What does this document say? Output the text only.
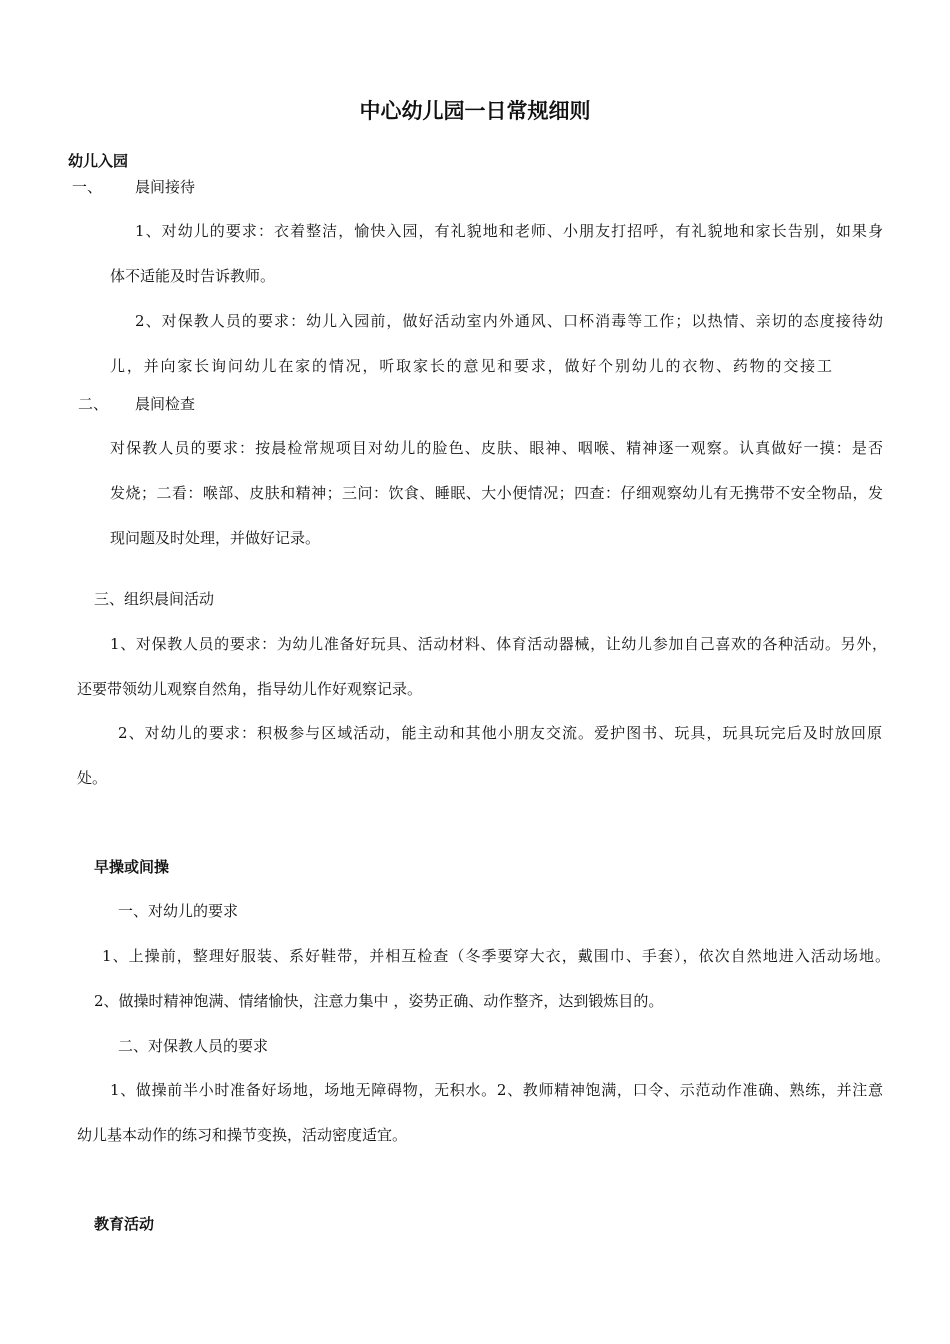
中心幼儿园一日常规细则
幼儿入园
一、 晨间接待
1、对幼儿的要求：衣着整洁，愉快入园，有礼貌地和老师、小朋友打招呼，有礼貌地和家长告别，如果身
体不适能及时告诉教师。
2、对保教人员的要求：幼儿入园前，做好活动室内外通风、口杯消毒等工作；以热情、亲切的态度接待幼
儿，并向家长询问幼儿在家的情况，听取家长的意见和要求，做好个别幼儿的衣物、药物的交接工
二、 晨间检查
对保教人员的要求：按晨检常规项目对幼儿的脸色、皮肤、眼神、咽喉、精神逐一观察。认真做好一摸：是否
发烧；二看：喉部、皮肤和精神；三问：饮食、睡眠、大小便情况；四查：仔细观察幼儿有无携带不安全物品，发
现问题及时处理，并做好记录。
三、组织晨间活动
1、对保教人员的要求：为幼儿准备好玩具、活动材料、体育活动器械，让幼儿参加自己喜欢的各种活动。另外，
还要带领幼儿观察自然角，指导幼儿作好观察记录。
2、对幼儿的要求：积极参与区域活动，能主动和其他小朋友交流。爱护图书、玩具，玩具玩完后及时放回原
处。
早操或间操
一、对幼儿的要求
1、上操前，整理好服装、系好鞋带，并相互检查（冬季要穿大衣，戴围巾、手套），依次自然地进入活动场地。
2、做操时精神饱满、情绪愉快，注意力集中 ，姿势正确、动作整齐，达到锻炼目的。
二、对保教人员的要求
1、做操前半小时准备好场地，场地无障碍物，无积水。2、教师精神饱满，口令、示范动作准确、熟练，并注意
幼儿基本动作的练习和操节变换，活动密度适宜。
教育活动
